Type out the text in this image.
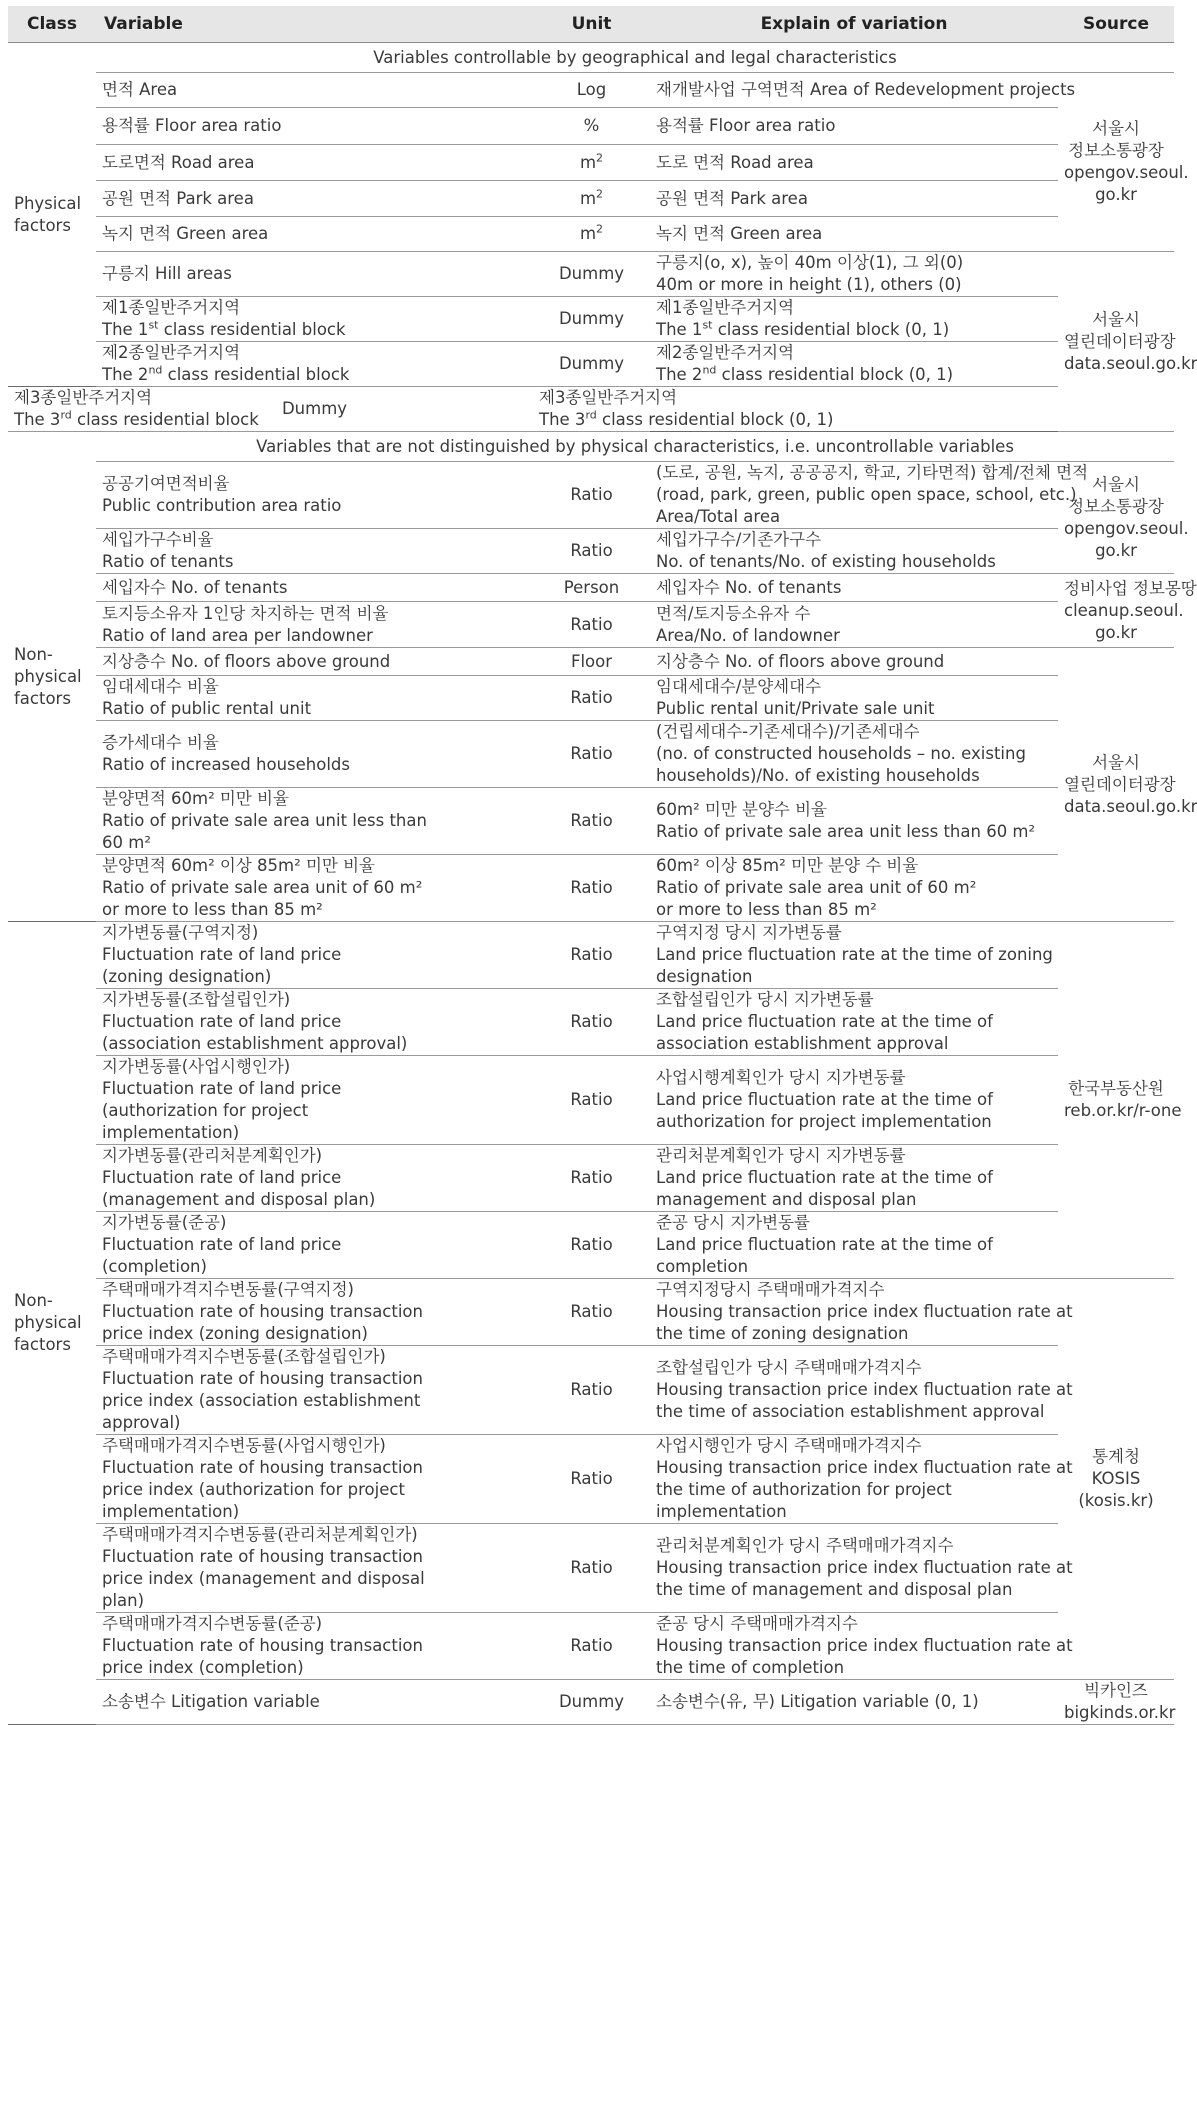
Class	Variable	Unit	Explain of variation	Source

Physical
factors	Variables controllable by geographical and legal characteristics			

	면적 Area	Log	재개발사업 구역면적 Area of Redevelopment projects	서울시
정보소통광장
opengov.seoul.
go.kr

	용적률 Floor area ratio	%	용적률 Floor area ratio	

	도로면적 Road area	$m^2$	도로 면적 Road area	

	공원 면적 Park area	$m^2$	공원 면적 Park area	

	녹지 면적 Green area	$m^2$	녹지 면적 Green area	

	구릉지 Hill areas	Dummy	구릉지(o, x), 높이 40m 이상(1), 그 외(0)
40m or more in height (1), others (0)	서울시
열린데이터광장
data.seoul.go.kr

	제1종일반주거지역
The 1st class residential block	Dummy	제1종일반주거지역
The 1st class residential block (0, 1)	

	제2종일반주거지역
The 2nd class residential block	Dummy	제2종일반주거지역
The 2nd class residential block (0, 1)	

제3종일반주거지역
The 3rd class residential block	Dummy	제3종일반주거지역
The 3rd class residential block (0, 1)		

Non-
physical
factors	Variables that are not distinguished by physical characteristics, i.e. uncontrollable variables			

	공공기여면적비율
Public contribution area ratio	Ratio	(도로, 공원, 녹지, 공공공지, 학교, 기타면적) 합계/전체 면적
(road, park, green, public open space, school, etc.)
Area/Total area	서울시
정보소통광장
opengov.seoul.
go.kr

	세입가구수비율
Ratio of tenants	Ratio	세입가구수/기존가구수
No. of tenants/No. of existing households	

	세입자수 No. of tenants	Person	세입자수 No. of tenants	정비사업 정보몽땅
cleanup.seoul.
go.kr

	토지등소유자 1인당 차지하는 면적 비율
Ratio of land area per landowner	Ratio	면적/토지등소유자 수
Area/No. of landowner	

	지상층수 No. of floors above ground	Floor	지상층수 No. of floors above ground	서울시
열린데이터광장
data.seoul.go.kr

	임대세대수 비율
Ratio of public rental unit	Ratio	임대세대수/분양세대수
Public rental unit/Private sale unit	

	증가세대수 비율
Ratio of increased households	Ratio	(건립세대수-기존세대수)/기존세대수
(no. of constructed households – no. existing
households)/No. of existing households	

	분양면적 60m² 미만 비율
Ratio of private sale area unit less than
60 m²	Ratio	60m² 미만 분양수 비율
Ratio of private sale area unit less than 60 m²	

	분양면적 60m² 이상 85m² 미만 비율
Ratio of private sale area unit of 60 m²
or more to less than 85 m²	Ratio	60m² 이상 85m² 미만 분양 수 비율
Ratio of private sale area unit of 60 m²
or more to less than 85 m²	

Non-
physical
factors	지가변동률(구역지정)
Fluctuation rate of land price
(zoning designation)	Ratio	구역지정 당시 지가변동률
Land price fluctuation rate at the time of zoning
designation	한국부동산원
reb.or.kr/r-one

	지가변동률(조합설립인가)
Fluctuation rate of land price
(association establishment approval)	Ratio	조합설립인가 당시 지가변동률
Land price fluctuation rate at the time of
association establishment approval	

	지가변동률(사업시행인가)
Fluctuation rate of land price
(authorization for project
implementation)	Ratio	사업시행계획인가 당시 지가변동률
Land price fluctuation rate at the time of
authorization for project implementation	

	지가변동률(관리처분계획인가)
Fluctuation rate of land price
(management and disposal plan)	Ratio	관리처분계획인가 당시 지가변동률
Land price fluctuation rate at the time of
management and disposal plan	

	지가변동률(준공)
Fluctuation rate of land price
(completion)	Ratio	준공 당시 지가변동률
Land price fluctuation rate at the time of
completion	

	주택매매가격지수변동률(구역지정)
Fluctuation rate of housing transaction
price index (zoning designation)	Ratio	구역지정당시 주택매매가격지수
Housing transaction price index fluctuation rate at
the time of zoning designation	통계청
KOSIS
(kosis.kr)

	주택매매가격지수변동률(조합설립인가)
Fluctuation rate of housing transaction
price index (association establishment
approval)	Ratio	조합설립인가 당시 주택매매가격지수
Housing transaction price index fluctuation rate at
the time of association establishment approval	

	주택매매가격지수변동률(사업시행인가)
Fluctuation rate of housing transaction
price index (authorization for project
implementation)	Ratio	사업시행인가 당시 주택매매가격지수
Housing transaction price index fluctuation rate at
the time of authorization for project
implementation	

	주택매매가격지수변동률(관리처분계획인가)
Fluctuation rate of housing transaction
price index (management and disposal
plan)	Ratio	관리처분계획인가 당시 주택매매가격지수
Housing transaction price index fluctuation rate at
the time of management and disposal plan	

	주택매매가격지수변동률(준공)
Fluctuation rate of housing transaction
price index (completion)	Ratio	준공 당시 주택매매가격지수
Housing transaction price index fluctuation rate at
the time of completion	

	소송변수 Litigation variable	Dummy	소송변수(유, 무) Litigation variable (0, 1)	빅카인즈
bigkinds.or.kr
